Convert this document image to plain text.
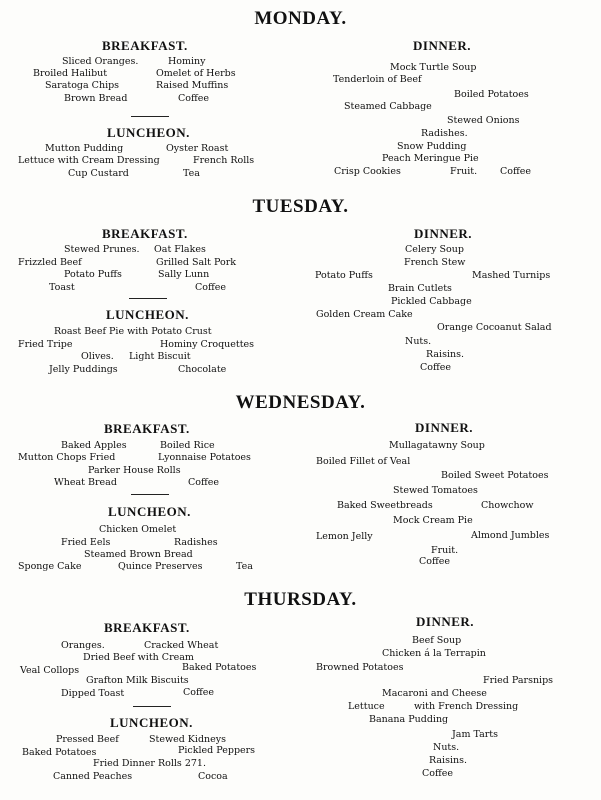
MONDAY.
BREAKFAST.
Sliced Oranges.	Hominy
Broiled Halibut	Omelet of Herbs
Saratoga Chips	Raised Muffins
Brown Bread	Coffee
LUNCHEON.
Mutton Pudding	Oyster Roast
Lettuce with Cream Dressing	French Rolls
Cup Custard	Tea
DINNER.
Mock Turtle Soup
Tenderloin of Beef
Boiled Potatoes
Steamed Cabbage
Stewed Onions
Radishes.
Snow Pudding
Peach Meringue Pie
Crisp Cookies	Fruit. Coffee
TUESDAY.
BREAKFAST.
Stewed Prunes. Oat Flakes
Frizzled Beef	Grilled Salt Pork
Potato Puffs	Sally Lunn
Toast	Coffee
LUNCHEON.
Roast Beef Pie with Potato Crust
Fried Tripe	Hominy Croquettes
Olives. Light Biscuit
Jelly Puddings	Chocolate
DINNER.
Celery Soup
French Stew
Potato Puffs	Mashed Turnips
Brain Cutlets
Pickled Cabbage
Golden Cream Cake
Orange Cocoanut Salad
Nuts.
Raisins.
Coffee
WEDNESDAY.
BREAKFAST.
Baked Apples	Boiled Rice
Mutton Chops Fried	Lyonnaise Potatoes
Parker House Rolls
Wheat Bread	Coffee
LUNCHEON.
Chicken Omelet
Fried Eels	Radishes
Steamed Brown Bread
Sponge Cake	Quince Preserves	Tea
DINNER.
Mullagatawny Soup
Boiled Fillet of Veal
Boiled Sweet Potatoes
Stewed Tomatoes
Baked Sweetbreads	Chowchow
Mock Cream Pie
Lemon Jelly	Almond Jumbles
Fruit.
Coffee
THURSDAY.
BREAKFAST.
Oranges.	Cracked Wheat
Dried Beef with Cream
Veal Collops	Baked Potatoes
Grafton Milk Biscuits
Dipped Toast	Coffee
LUNCHEON.
Pressed Beef	Stewed Kidneys
Baked Potatoes	Pickled Peppers
Fried Dinner Rolls 271.
Canned Peaches	Cocoa
DINNER.
Beef Soup
Chicken á la Terrapin
Browned Potatoes
Fried Parsnips
Macaroni and Cheese
Lettuce	with French Dressing
Banana Pudding
Jam Tarts
Nuts.
Raisins.
Coffee
